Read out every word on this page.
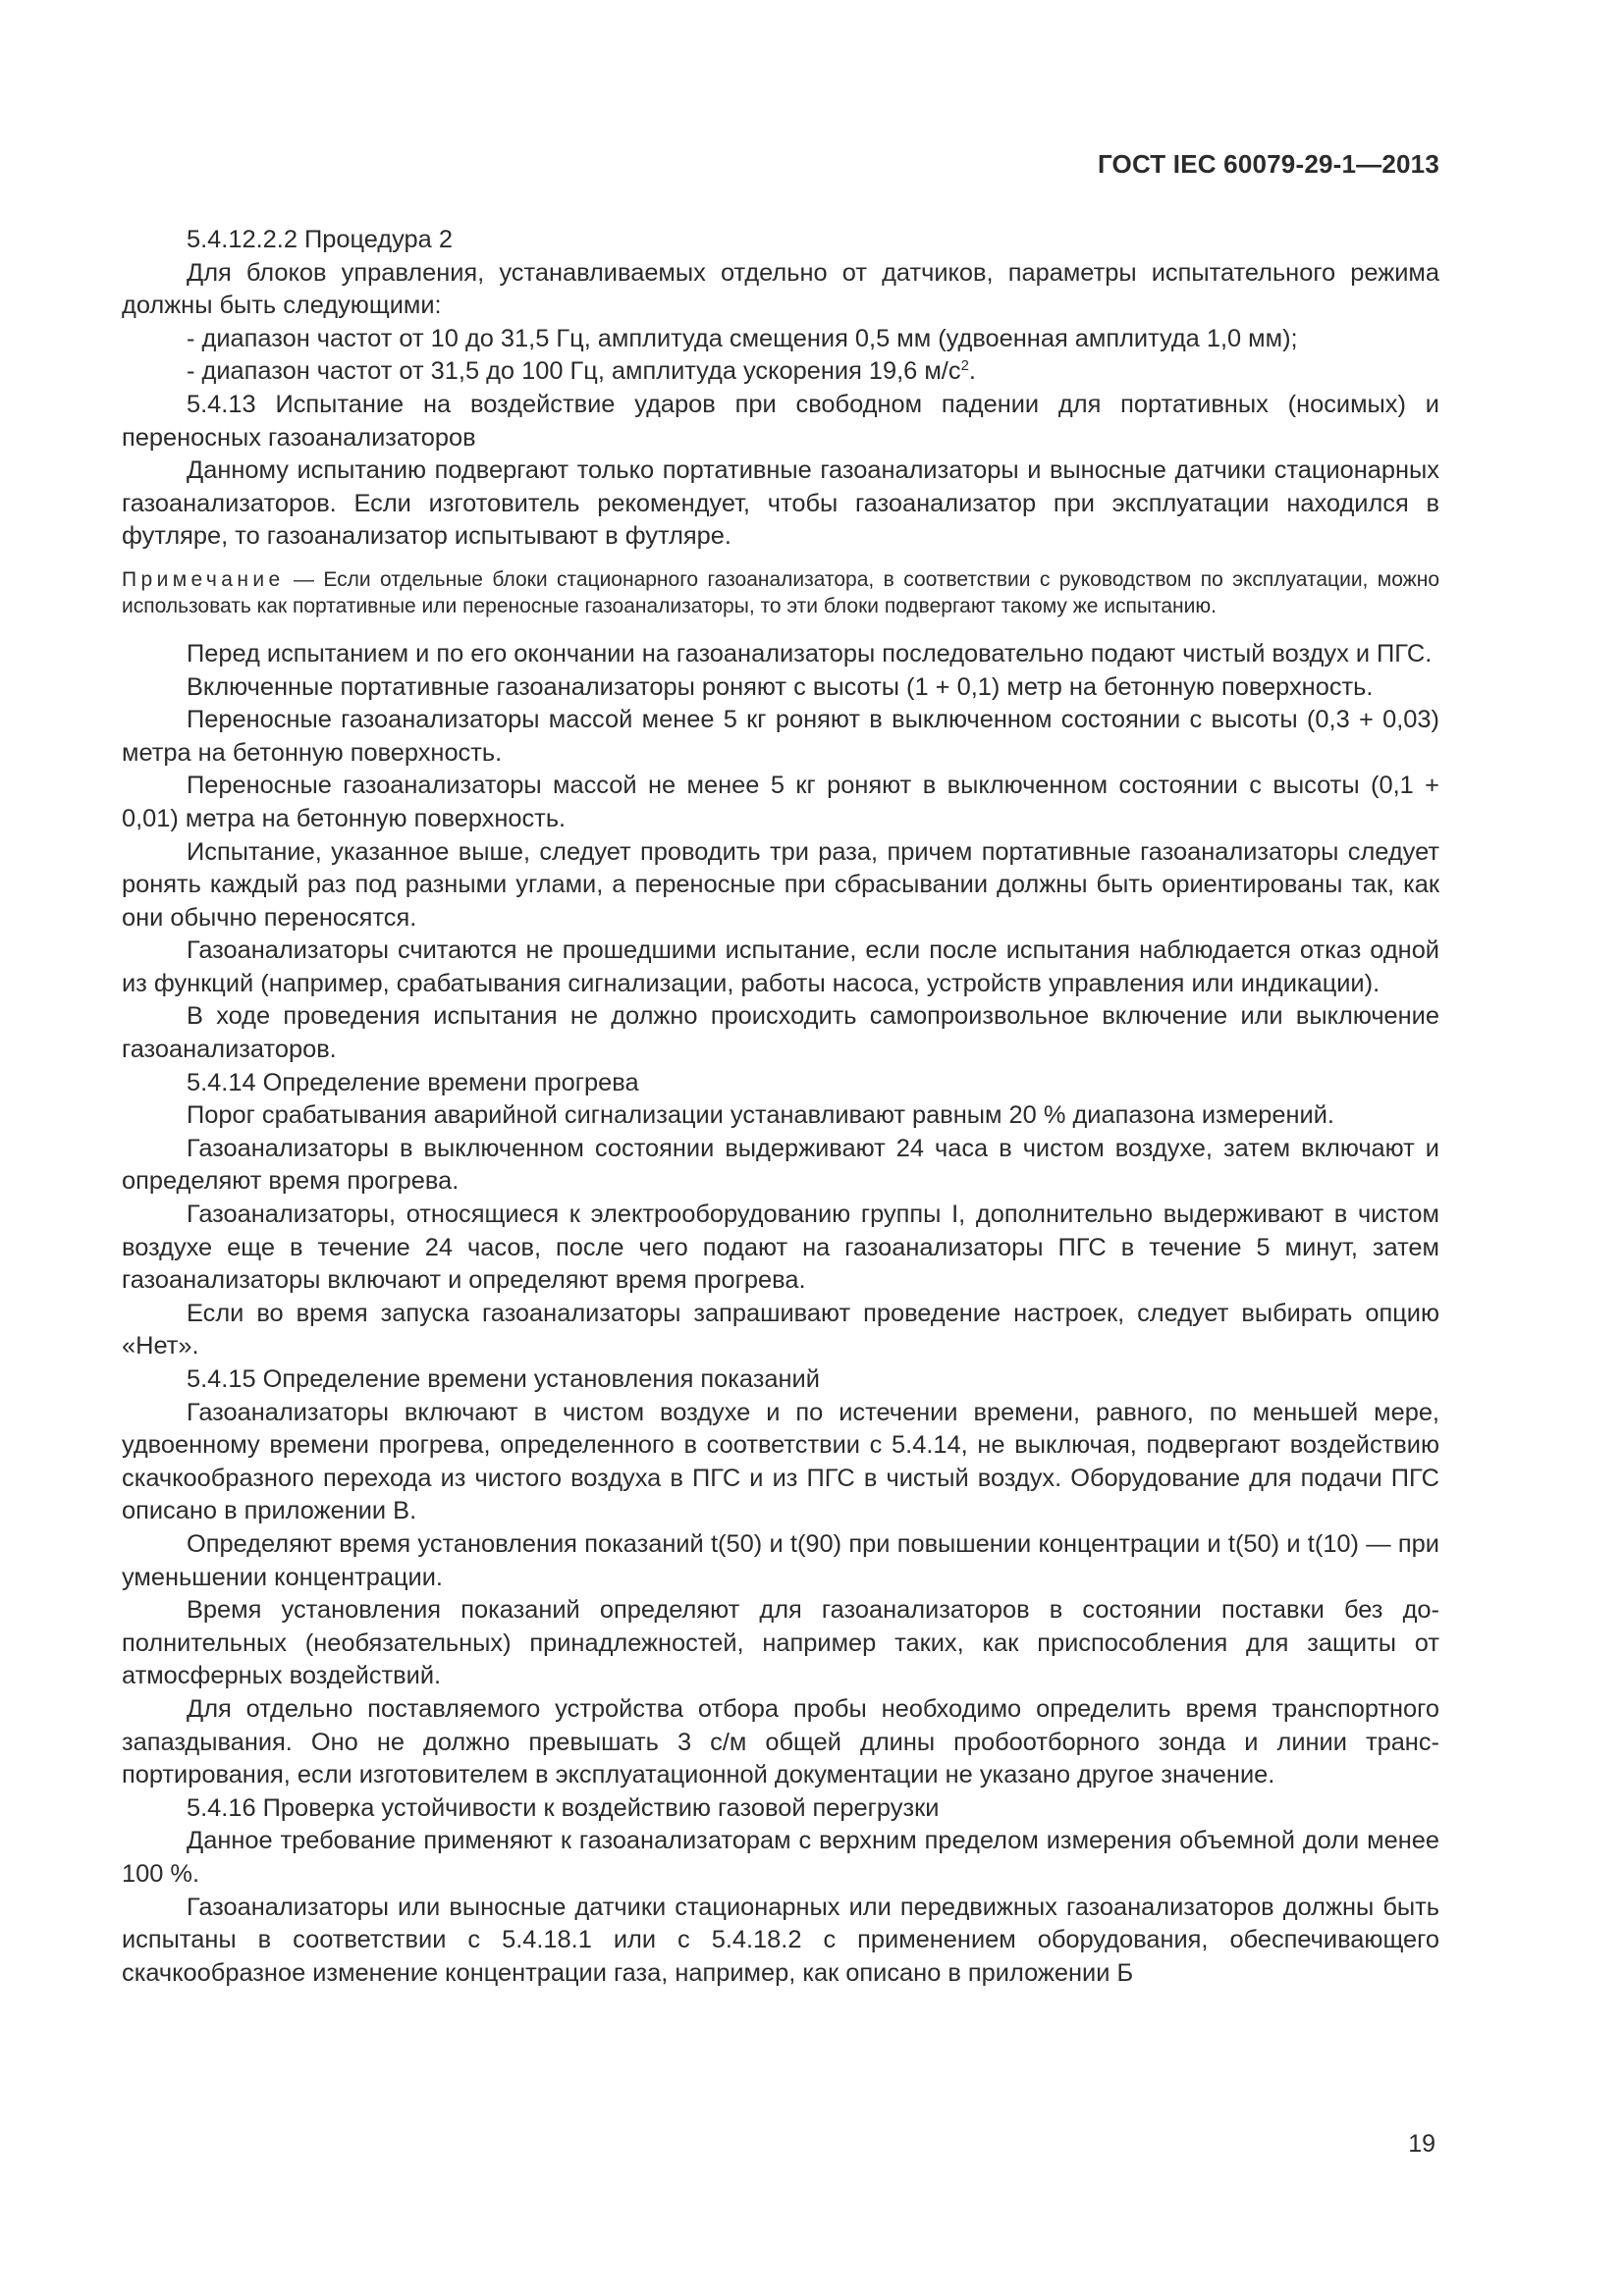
ГОСТ IEC 60079-29-1—2013

5.4.12.2.2 Процедура 2

Для блоков управления, устанавливаемых отдельно от датчиков, параметры испытательного режима должны быть следующими:

- диапазон частот от 10 до 31,5 Гц, амплитуда смещения 0,5 мм (удвоенная амплитуда 1,0 мм);

- диапазон частот от 31,5 до 100 Гц, амплитуда ускорения 19,6 $м/с^2$.

5.4.13 Испытание на воздействие ударов при свободном падении для портативных (носимых) и переносных газоанализаторов

Данному испытанию подвергают только портативные газоанализаторы и выносные датчики стационарных газоанализаторов. Если изготовитель рекомендует, чтобы газоанализатор при эксплуатации находился в футляре, то газоанализатор испытывают в футляре.

Примечание — Если отдельные блоки стационарного газоанализатора, в соответствии с руководством по эксплуатации, можно использовать как портативные или переносные газоанализаторы, то эти блоки подвергают такому же испытанию.

Перед испытанием и по его окончании на газоанализаторы последовательно подают чистый воздух и ПГС.

Включенные портативные газоанализаторы роняют с высоты (1 + 0,1) метр на бетонную поверхность.

Переносные газоанализаторы массой менее 5 кг роняют в выключенном состоянии с высоты (0,3 + 0,03) метра на бетонную поверхность.

Переносные газоанализаторы массой не менее 5 кг роняют в выключенном состоянии с высоты (0,1 + 0,01) метра на бетонную поверхность.

Испытание, указанное выше, следует проводить три раза, причем портативные газоанализаторы следует ронять каждый раз под разными углами, а переносные при сбрасывании должны быть ориентированы так, как они обычно переносятся.

Газоанализаторы считаются не прошедшими испытание, если после испытания наблюдается отказ одной из функций (например, срабатывания сигнализации, работы насоса, устройств управления или индикации).

В ходе проведения испытания не должно происходить самопроизвольное включение или выключение газоанализаторов.

5.4.14 Определение времени прогрева

Порог срабатывания аварийной сигнализации устанавливают равным 20 % диапазона измерений.

Газоанализаторы в выключенном состоянии выдерживают 24 часа в чистом воздухе, затем включают и определяют время прогрева.

Газоанализаторы, относящиеся к электрооборудованию группы I, дополнительно выдерживают в чистом воздухе еще в течение 24 часов, после чего подают на газоанализаторы ПГС в течение 5 минут, затем газоанализаторы включают и определяют время прогрева.

Если во время запуска газоанализаторы запрашивают проведение настроек, следует выбирать опцию «Нет».

5.4.15 Определение времени установления показаний

Газоанализаторы включают в чистом воздухе и по истечении времени, равного, по меньшей мере, удвоенному времени прогрева, определенного в соответствии с 5.4.14, не выключая, подвергают воздействию скачкообразного перехода из чистого воздуха в ПГС и из ПГС в чистый воздух. Оборудование для подачи ПГС описано в приложении В.

Определяют время установления показаний t(50) и t(90) при повышении концентрации и t(50) и t(10) — при уменьшении концентрации.

Время установления показаний определяют для газоанализаторов в состоянии поставки без дополнительных (необязательных) принадлежностей, например таких, как приспособления для защиты от атмосферных воздействий.

Для отдельно поставляемого устройства отбора пробы необходимо определить время транспортного запаздывания. Оно не должно превышать 3 с/м общей длины пробоотборного зонда и линии транспортирования, если изготовителем в эксплуатационной документации не указано другое значение.

5.4.16 Проверка устойчивости к воздействию газовой перегрузки

Данное требование применяют к газоанализаторам с верхним пределом измерения объемной доли менее 100 %.

Газоанализаторы или выносные датчики стационарных или передвижных газоанализаторов должны быть испытаны в соответствии с 5.4.18.1 или с 5.4.18.2 с применением оборудования, обеспечивающего скачкообразное изменение концентрации газа, например, как описано в приложении Б

19
